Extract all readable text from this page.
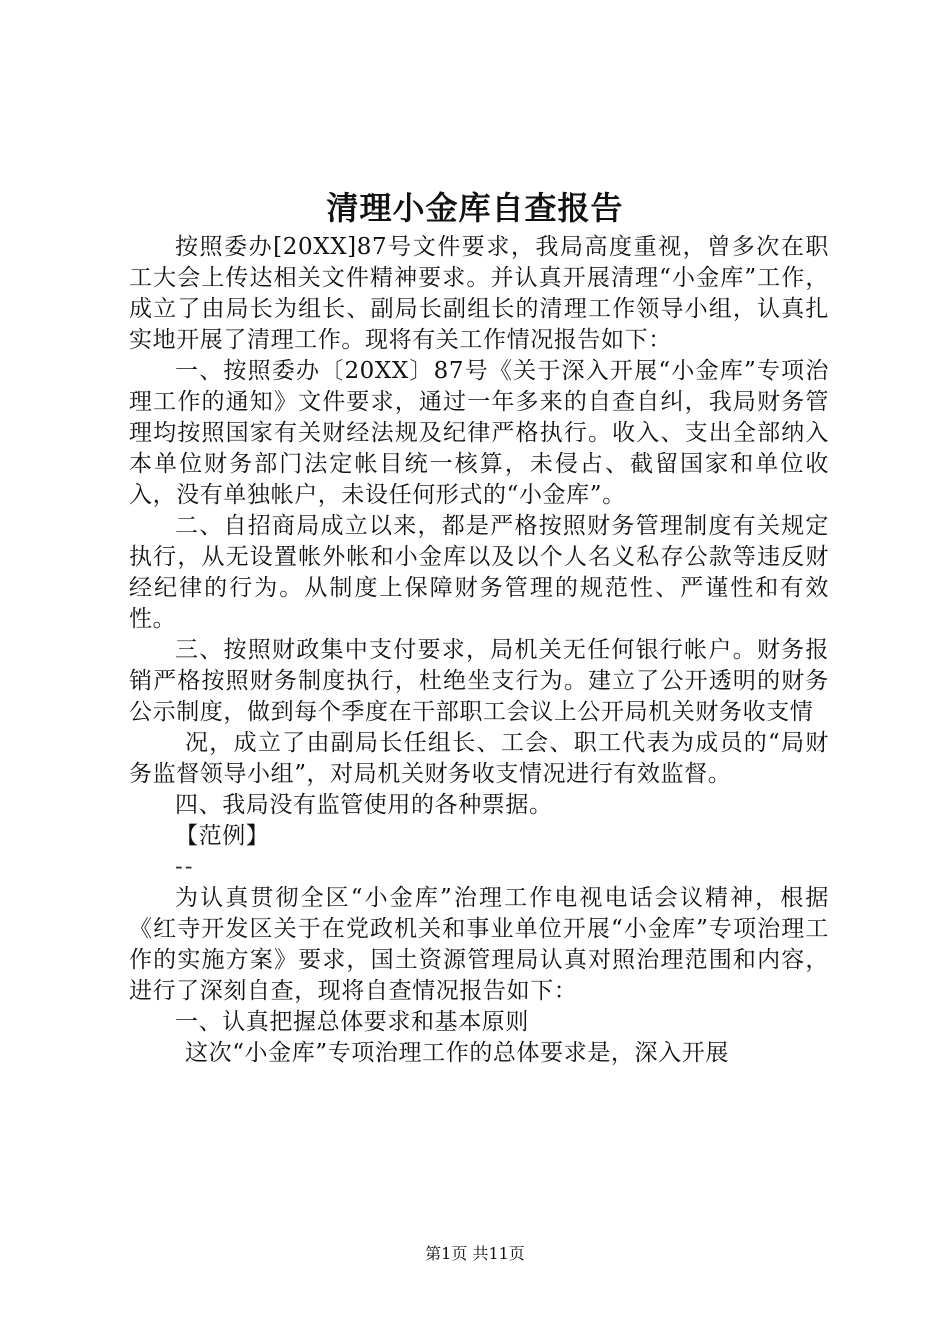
清理小金库自查报告

按照委办[20XX]87号文件要求，我局高度重视，曾多次在职工大会上传达相关文件精神要求。并认真开展清理“小金库”工作，成立了由局长为组长、副局长副组长的清理工作领导小组，认真扎实地开展了清理工作。现将有关工作情况报告如下：

一、按照委办〔20XX〕87号《关于深入开展“小金库”专项治理工作的通知》文件要求，通过一年多来的自查自纠，我局财务管理均按照国家有关财经法规及纪律严格执行。收入、支出全部纳入本单位财务部门法定帐目统一核算，未侵占、截留国家和单位收入，没有单独帐户，未设任何形式的“小金库”。

二、自招商局成立以来，都是严格按照财务管理制度有关规定执行，从无设置帐外帐和小金库以及以个人名义私存公款等违反财经纪律的行为。从制度上保障财务管理的规范性、严谨性和有效性。

三、按照财政集中支付要求，局机关无任何银行帐户。财务报销严格按照财务制度执行，杜绝坐支行为。建立了公开透明的财务公示制度，做到每个季度在干部职工会议上公开局机关财务收支情

况，成立了由副局长任组长、工会、职工代表为成员的“局财务监督领导小组”，对局机关财务收支情况进行有效监督。

四、我局没有监管使用的各种票据。

【范例】

--

为认真贯彻全区“小金库”治理工作电视电话会议精神，根据《红寺开发区关于在党政机关和事业单位开展“小金库”专项治理工作的实施方案》要求，国土资源管理局认真对照治理范围和内容，进行了深刻自查，现将自查情况报告如下：

一、认真把握总体要求和基本原则

这次“小金库”专项治理工作的总体要求是，深入开展

第1页 共11页
